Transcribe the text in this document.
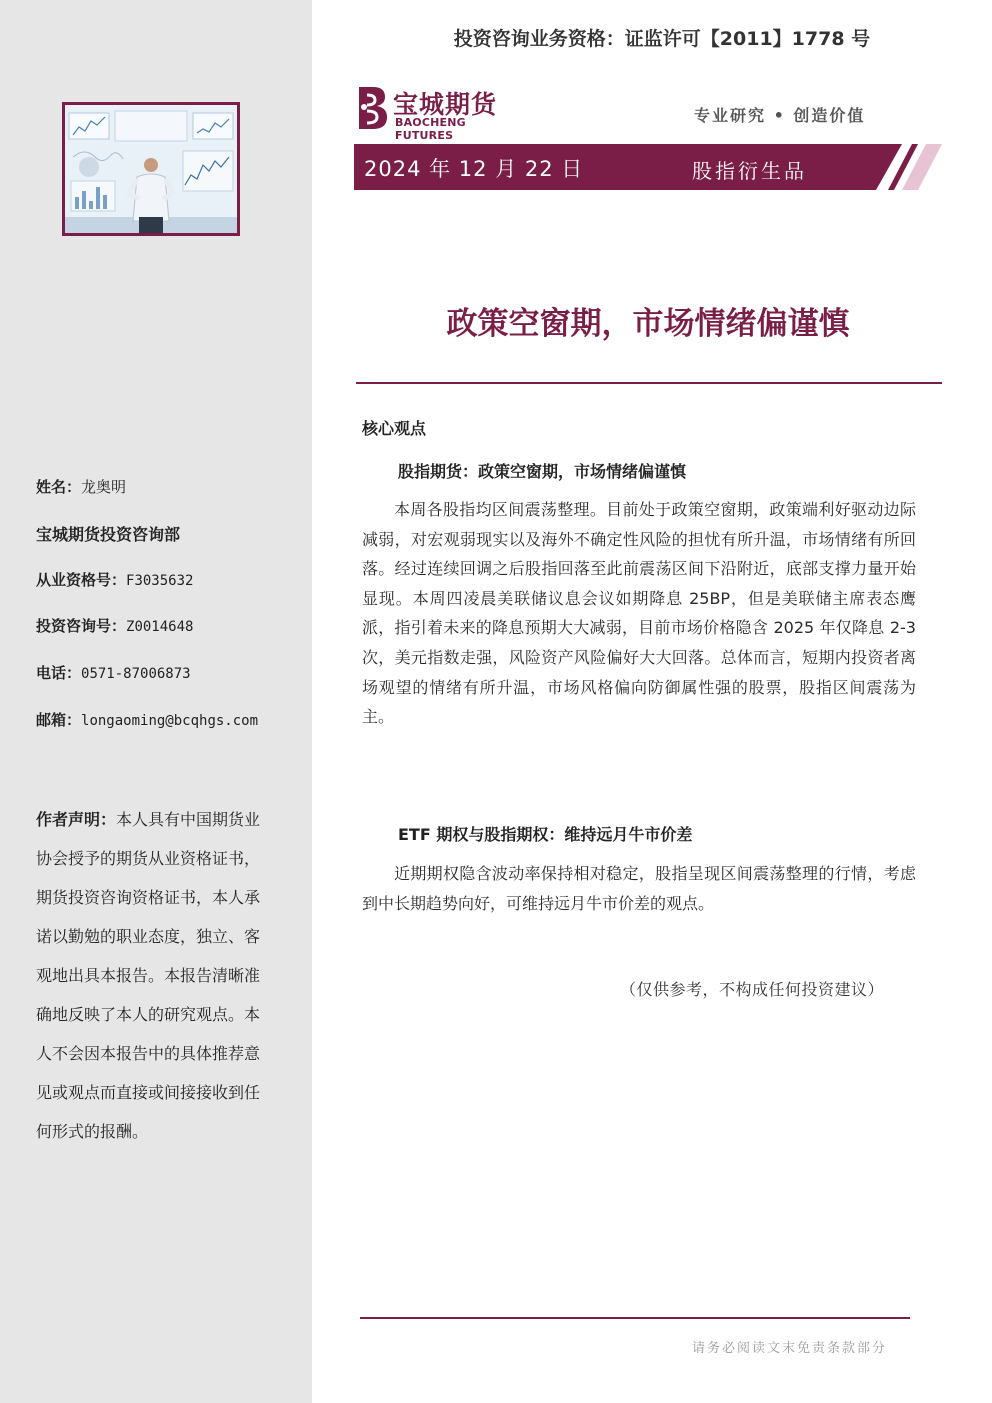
投资咨询业务资格：证监许可【2011】1778 号
宝城期货
BAOCHENG FUTURES
专业研究 • 创造价值
2024 年 12 月 22 日	股指衍生品
政策空窗期，市场情绪偏谨慎
核心观点
股指期货：政策空窗期，市场情绪偏谨慎

本周各股指均区间震荡整理。目前处于政策空窗期，政策端利好驱动边际减弱，对宏观弱现实以及海外不确定性风险的担忧有所升温，市场情绪有所回落。经过连续回调之后股指回落至此前震荡区间下沿附近，底部支撑力量开始显现。本周四凌晨美联储议息会议如期降息 25BP，但是美联储主席表态鹰派，指引着未来的降息预期大大减弱，目前市场价格隐含 2025 年仅降息 2-3 次，美元指数走强，风险资产风险偏好大大回落。总体而言，短期内投资者离场观望的情绪有所升温，市场风格偏向防御属性强的股票，股指区间震荡为主。

ETF 期权与股指期权：维持远月牛市价差

近期期权隐含波动率保持相对稳定，股指呈现区间震荡整理的行情，考虑到中长期趋势向好，可维持远月牛市价差的观点。

（仅供参考，不构成任何投资建议）
姓名：龙奥明
宝城期货投资咨询部
从业资格号：F3035632
投资咨询号：Z0014648
电话：0571-87006873
邮箱：longaoming@bcqhgs.com

作者声明：本人具有中国期货业协会授予的期货从业资格证书，期货投资咨询资格证书，本人承诺以勤勉的职业态度，独立、客观地出具本报告。本报告清晰准确地反映了本人的研究观点。本人不会因本报告中的具体推荐意见或观点而直接或间接接收到任何形式的报酬。

请务必阅读文末免责条款部分
